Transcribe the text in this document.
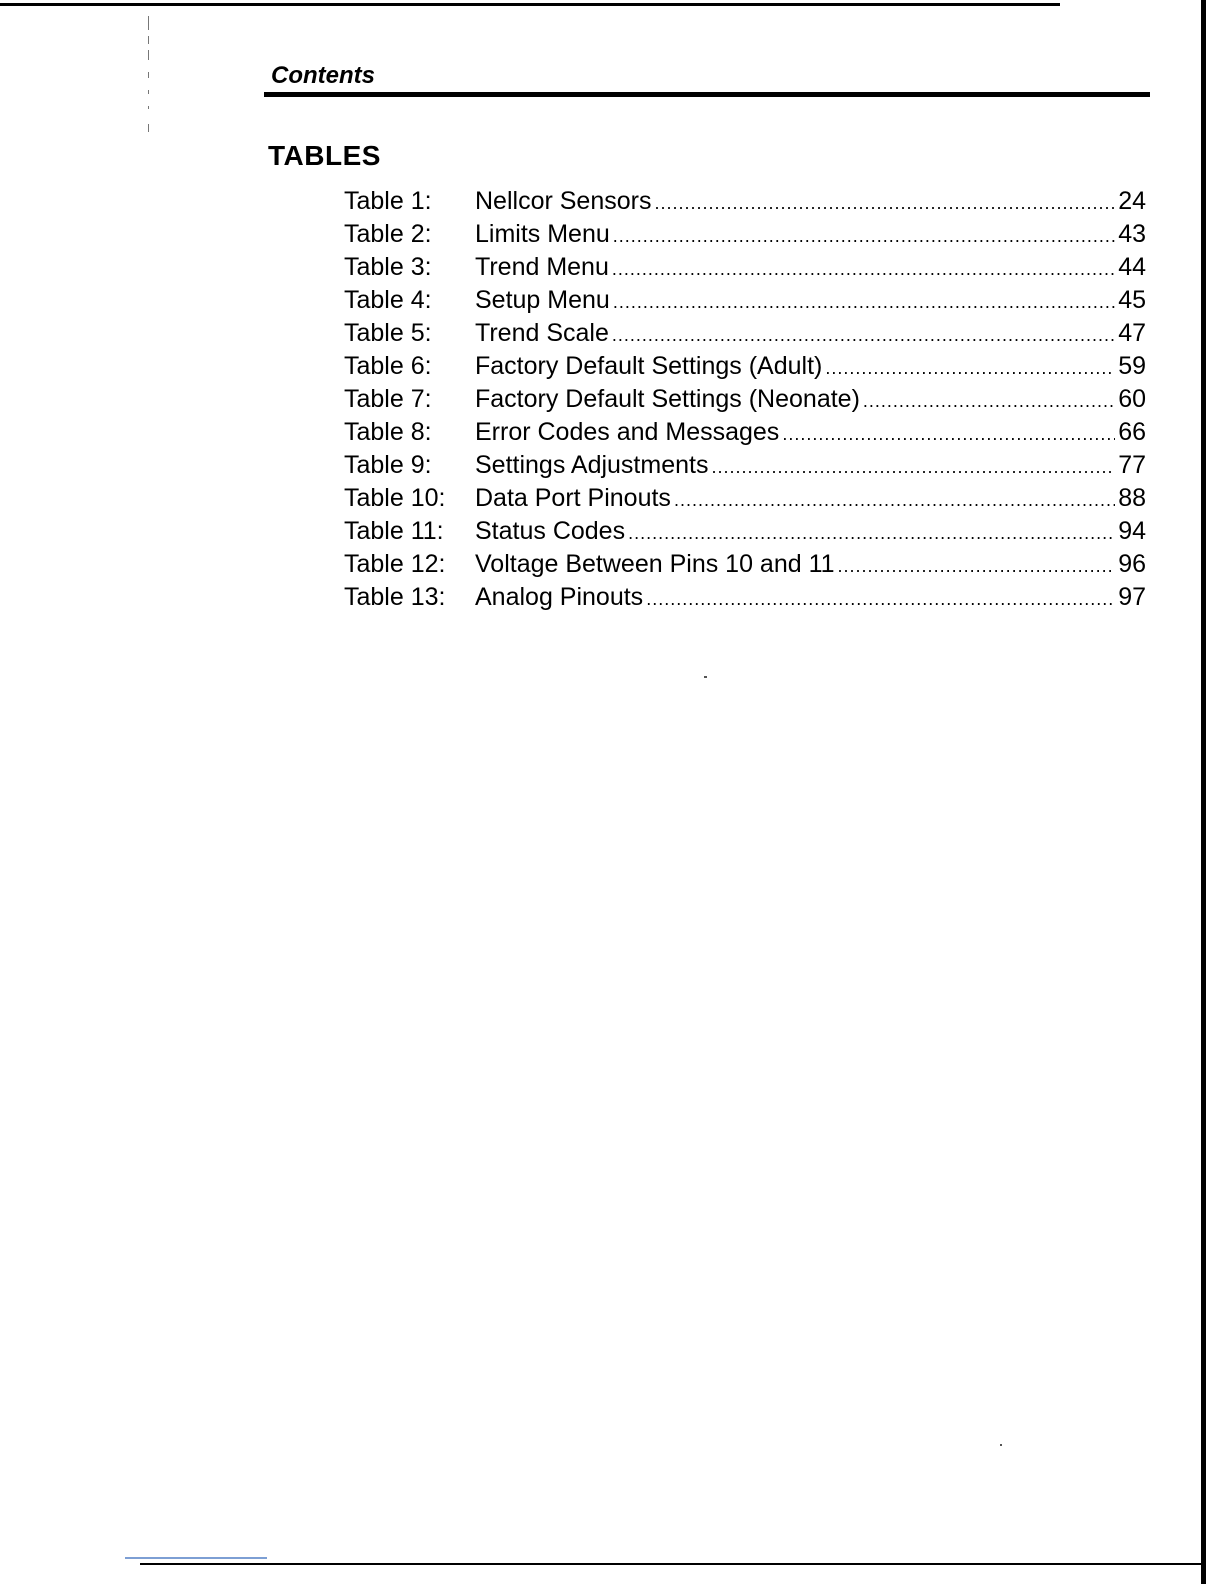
Contents
TABLES
Table 1:	Nellcor Sensors .....	24
Table 2:	Limits Menu .....	43
Table 3:	Trend Menu .....	44
Table 4:	Setup Menu .....	45
Table 5:	Trend Scale .....	47
Table 6:	Factory Default Settings (Adult) .....	59
Table 7:	Factory Default Settings (Neonate) .....	60
Table 8:	Error Codes and Messages .....	66
Table 9:	Settings Adjustments .....	77
Table 10:	Data Port Pinouts .....	88
Table 11:	Status Codes .....	94
Table 12:	Voltage Between Pins 10 and 11 .....	96
Table 13:	Analog Pinouts .....	97
